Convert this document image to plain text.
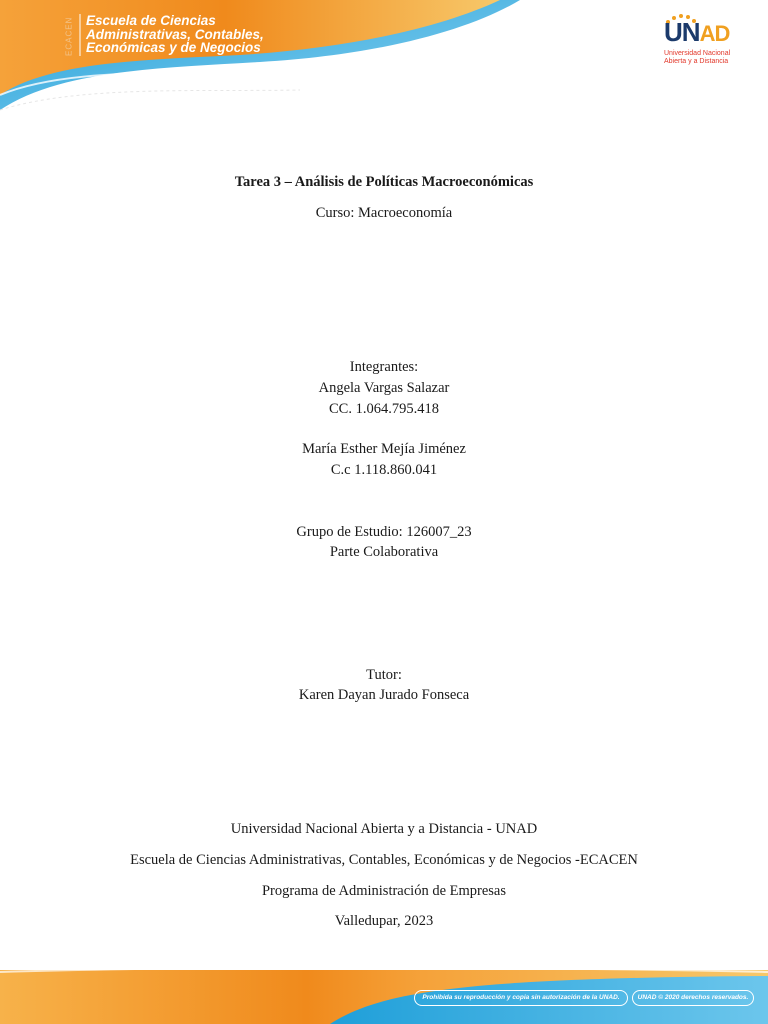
ECACEN Escuela de Ciencias
Administrativas, Contables,
Económicas y de Negocios
UNAD
Universidad Nacional
Abierta y a Distancia
Tarea 3 – Análisis de Políticas Macroeconómicas
Curso: Macroeconomía
Integrantes:
Angela Vargas Salazar
CC. 1.064.795.418
María Esther Mejía Jiménez
C.c 1.118.860.041
Grupo de Estudio: 126007_23
Parte Colaborativa
Tutor:
Karen Dayan Jurado Fonseca
Universidad Nacional Abierta y a Distancia - UNAD
Escuela de Ciencias Administrativas, Contables, Económicas y de Negocios -ECACEN
Programa de Administración de Empresas
Valledupar, 2023
Prohibida su reproducción y copia sin autorización de la UNAD.	UNAD © 2020 derechos reservados.
